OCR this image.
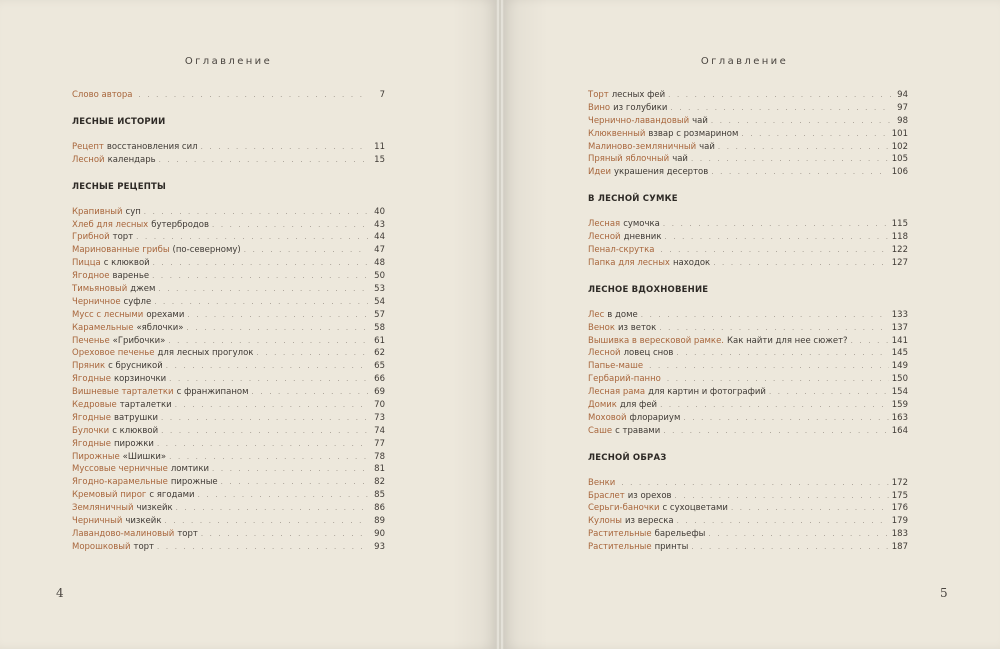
Оглавление
Слово автора . . .	7
ЛЕСНЫЕ ИСТОРИИ
Рецепт восстановления сил . . .	11
Лесной календарь . . .	15
ЛЕСНЫЕ РЕЦЕПТЫ
Крапивный суп . . .	40
Хлеб для лесных бутербродов . . .	43
Грибной торт . . .	44
Маринованные грибы (по-северному) . . .	47
Пицца с клюквой . . .	48
Ягодное варенье . . .	50
Тимьяновый джем . . .	53
Черничное суфле . . .	54
Мусс с лесными орехами . . .	57
Карамельные «яблочки» . . .	58
Печенье «Грибочки» . . .	61
Ореховое печенье для лесных прогулок . . .	62
Пряник с брусникой . . .	65
Ягодные корзиночки . . .	66
Вишневые тарталетки с франжипаном . . .	69
Кедровые тарталетки . . .	70
Ягодные ватрушки . . .	73
Булочки с клюквой . . .	74
Ягодные пирожки . . .	77
Пирожные «Шишки» . . .	78
Муссовые черничные ломтики . . .	81
Ягодно-карамельные пирожные . . .	82
Кремовый пирог с ягодами . . .	85
Земляничный чизкейк . . .	86
Черничный чизкейк . . .	89
Лавандово-малиновый торт . . .	90
Морошковый торт . . .	93
4
Оглавление
Торт лесных фей . . .	94
Вино из голубики . . .	97
Чернично-лавандовый чай . . .	98
Клюквенный взвар с розмарином . . .	101
Малиново-земляничный чай . . .	102
Пряный яблочный чай . . .	105
Идеи украшения десертов . . .	106
В ЛЕСНОЙ СУМКЕ
Лесная сумочка . . .	115
Лесной дневник . . .	118
Пенал-скрутка . . .	122
Папка для лесных находок . . .	127
ЛЕСНОЕ ВДОХНОВЕНИЕ
Лес в доме . . .	133
Венок из веток . . .	137
Вышивка в вересковой рамке. Как найти для нее сюжет? . . .	141
Лесной ловец снов . . .	145
Папье-маше . . .	149
Гербарий-панно . . .	150
Лесная рама для картин и фотографий . . .	154
Домик для фей . . .	159
Моховой флорариум . . .	163
Саше с травами . . .	164
ЛЕСНОЙ ОБРАЗ
Венки . . .	172
Браслет из орехов . . .	175
Серьги-баночки с сухоцветами . . .	176
Кулоны из вереска . . .	179
Растительные барельефы . . .	183
Растительные принты . . .	187
5
